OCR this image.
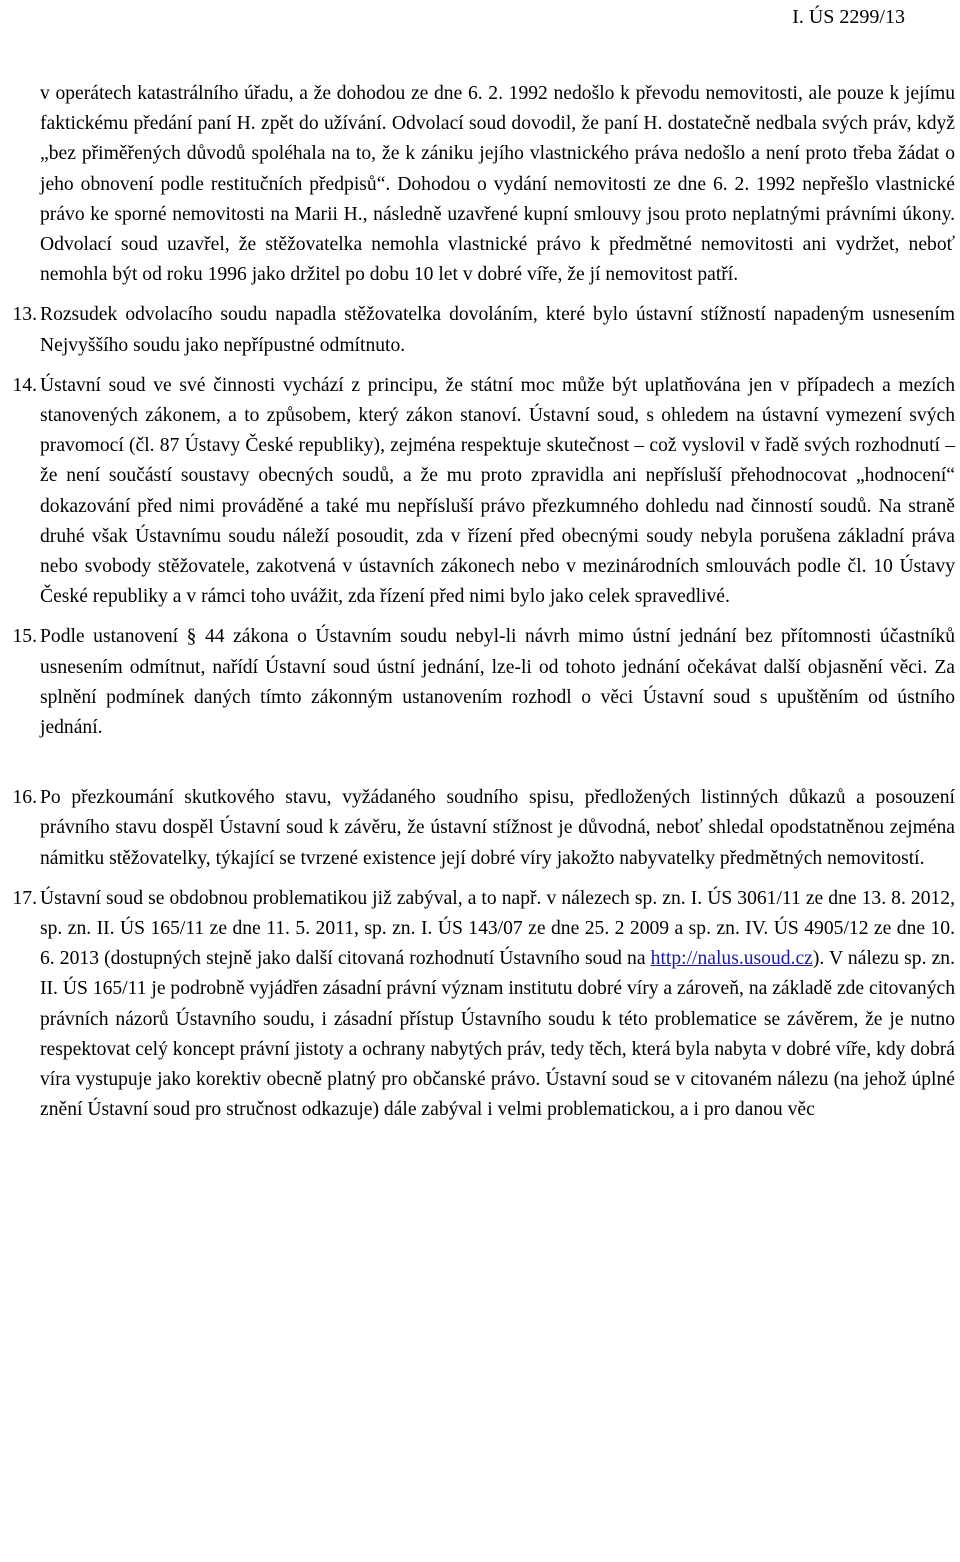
I. ÚS 2299/13

v operátech katastrálního úřadu, a že dohodou ze dne 6. 2. 1992 nedošlo k převodu nemovitosti, ale pouze k jejímu faktickému předání paní H. zpět do užívání. Odvolací soud dovodil, že paní H. dostatečně nedbala svých práv, když „bez přiměřených důvodů spoléhala na to, že k zániku jejího vlastnického práva nedošlo a není proto třeba žádat o jeho obnovení podle restitučních předpisů“. Dohodou o vydání nemovitosti ze dne 6. 2. 1992 nepřešlo vlastnické právo ke sporné nemovitosti na Marii H., následně uzavřené kupní smlouvy jsou proto neplatnými právními úkony. Odvolací soud uzavřel, že stěžovatelka nemohla vlastnické právo k předmětné nemovitosti ani vydržet, neboť nemohla být od roku 1996 jako držitel po dobu 10 let v dobré víře, že jí nemovitost patří.

13. Rozsudek odvolacího soudu napadla stěžovatelka dovoláním, které bylo ústavní stížností napadeným usnesením Nejvyššího soudu jako nepřípustné odmítnuto.
14. Ústavní soud ve své činnosti vychází z principu, že státní moc může být uplatňována jen v případech a mezích stanovených zákonem, a to způsobem, který zákon stanoví. Ústavní soud, s ohledem na ústavní vymezení svých pravomocí (čl. 87 Ústavy České republiky), zejména respektuje skutečnost – což vyslovil v řadě svých rozhodnutí – že není součástí soustavy obecných soudů, a že mu proto zpravidla ani nepřísluší přehodnocovat „hodnocení“ dokazování před nimi prováděné a také mu nepřísluší právo přezkumného dohledu nad činností soudů. Na straně druhé však Ústavnímu soudu náleží posoudit, zda v řízení před obecnými soudy nebyla porušena základní práva nebo svobody stěžovatele, zakotvená v ústavních zákonech nebo v mezinárodních smlouvách podle čl. 10 Ústavy České republiky a v rámci toho uvážit, zda řízení před nimi bylo jako celek spravedlivé.
15. Podle ustanovení § 44 zákona o Ústavním soudu nebyl-li návrh mimo ústní jednání bez přítomnosti účastníků usnesením odmítnut, nařídí Ústavní soud ústní jednání, lze-li od tohoto jednání očekávat další objasnění věci. Za splnění podmínek daných tímto zákonným ustanovením rozhodl o věci Ústavní soud s upuštěním od ústního jednání.
16. Po přezkoumání skutkového stavu, vyžádaného soudního spisu, předložených listinných důkazů a posouzení právního stavu dospěl Ústavní soud k závěru, že ústavní stížnost je důvodná, neboť shledal opodstatněnou zejména námitku stěžovatelky, týkající se tvrzené existence její dobré víry jakožto nabyvatelky předmětných nemovitostí.
17. Ústavní soud se obdobnou problematikou již zabýval, a to např. v nálezech sp. zn. I. ÚS 3061/11 ze dne 13. 8. 2012, sp. zn. II. ÚS 165/11 ze dne 11. 5. 2011, sp. zn. I. ÚS 143/07 ze dne 25. 2 2009 a sp. zn. IV. ÚS 4905/12 ze dne 10. 6. 2013 (dostupných stejně jako další citovaná rozhodnutí Ústavního soud na http://nalus.usoud.cz). V nálezu sp. zn. II. ÚS 165/11 je podrobně vyjádřen zásadní právní význam institutu dobré víry a zároveň, na základě zde citovaných právních názorů Ústavního soudu, i zásadní přístup Ústavního soudu k této problematice se závěrem, že je nutno respektovat celý koncept právní jistoty a ochrany nabytých práv, tedy těch, která byla nabyta v dobré víře, kdy dobrá víra vystupuje jako korektiv obecně platný pro občanské právo. Ústavní soud se v citovaném nálezu (na jehož úplné znění Ústavní soud pro stručnost odkazuje) dále zabýval i velmi problematickou, a i pro danou věc
